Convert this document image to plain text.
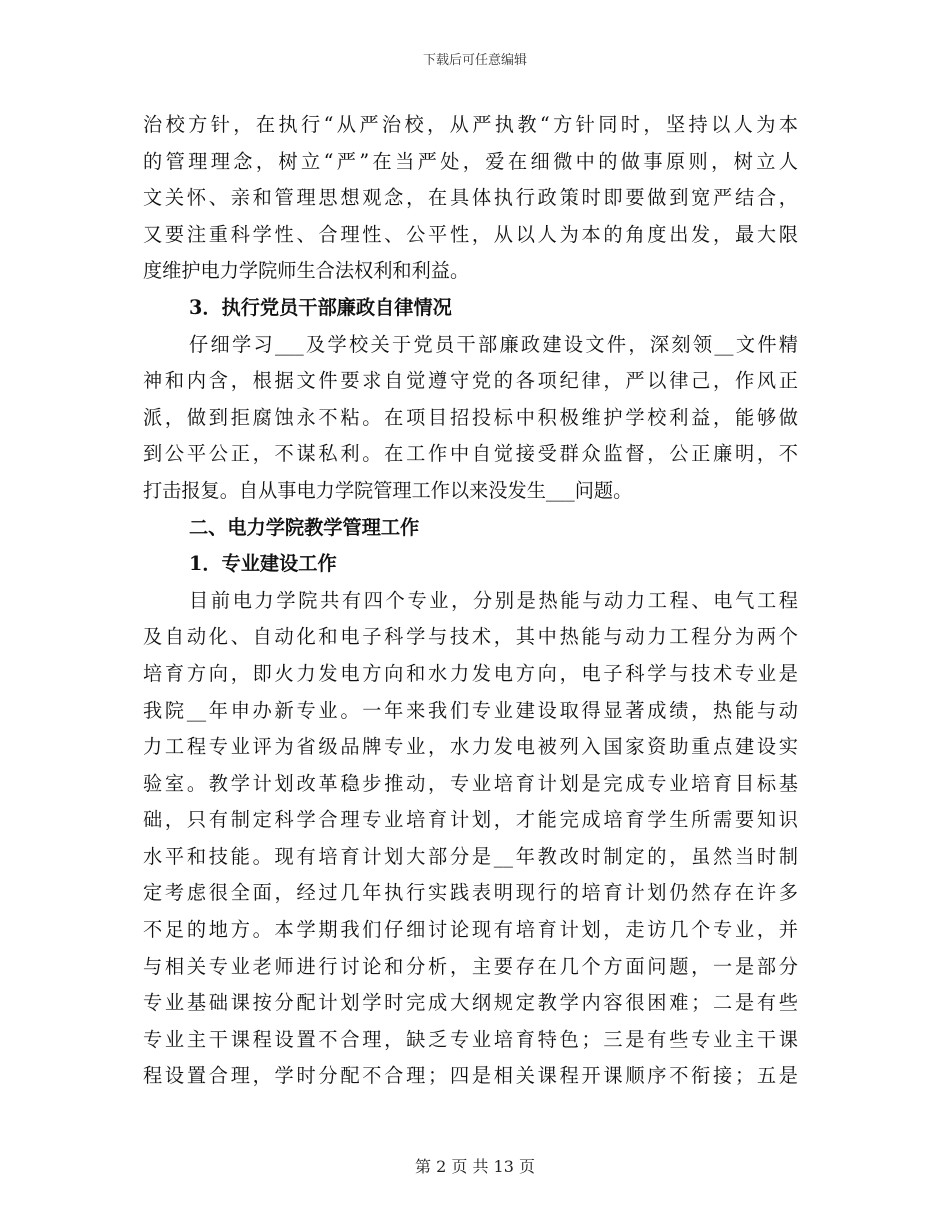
下载后可任意编辑
治校方针，在执行“从严治校，从严执教“方针同时，坚持以人为本
的管理理念，树立“严”在当严处，爱在细微中的做事原则，树立人
文关怀、亲和管理思想观念，在具体执行政策时即要做到宽严结合，
又要注重科学性、合理性、公平性，从以人为本的角度出发，最大限
度维护电力学院师生合法权利和利益。
3．执行党员干部廉政自律情况
仔细学习___及学校关于党员干部廉政建设文件，深刻领__文件精
神和内含，根据文件要求自觉遵守党的各项纪律，严以律己，作风正
派，做到拒腐蚀永不粘。在项目招投标中积极维护学校利益，能够做
到公平公正，不谋私利。在工作中自觉接受群众监督，公正廉明，不
打击报复。自从事电力学院管理工作以来没发生___问题。
二、电力学院教学管理工作
1．专业建设工作
目前电力学院共有四个专业，分别是热能与动力工程、电气工程
及自动化、自动化和电子科学与技术，其中热能与动力工程分为两个
培育方向，即火力发电方向和水力发电方向，电子科学与技术专业是
我院__年申办新专业。一年来我们专业建设取得显著成绩，热能与动
力工程专业评为省级品牌专业，水力发电被列入国家资助重点建设实
验室。教学计划改革稳步推动，专业培育计划是完成专业培育目标基
础，只有制定科学合理专业培育计划，才能完成培育学生所需要知识
水平和技能。现有培育计划大部分是__年教改时制定的，虽然当时制
定考虑很全面，经过几年执行实践表明现行的培育计划仍然存在许多
不足的地方。本学期我们仔细讨论现有培育计划，走访几个专业，并
与相关专业老师进行讨论和分析，主要存在几个方面问题，一是部分
专业基础课按分配计划学时完成大纲规定教学内容很困难；二是有些
专业主干课程设置不合理，缺乏专业培育特色；三是有些专业主干课
程设置合理，学时分配不合理；四是相关课程开课顺序不衔接；五是
第 2 页 共 13 页
